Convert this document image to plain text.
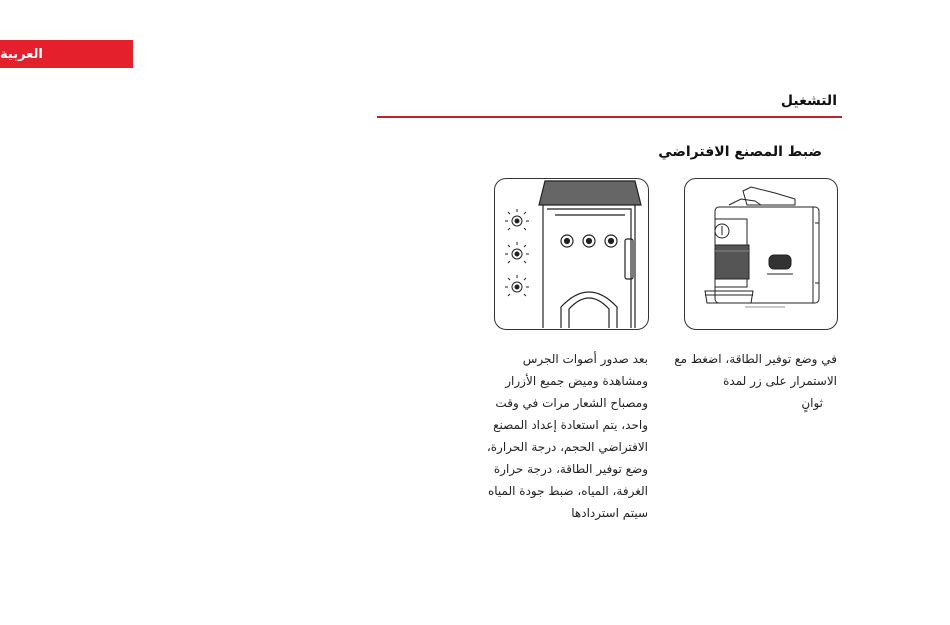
العربية
التشغيل
ضبط المصنع الافتراضي
في وضع توفير الطاقة، اضغط مع
الاستمرار على زر لمدة
ثوانٍ
بعد صدور أصوات الجرس
ومشاهدة وميض جميع الأزرار
ومصباح الشعار مرات في وقت
واحد، يتم استعادة إعداد المصنع
الافتراضي الحجم، درجة الحرارة،
وضع توفير الطاقة، درجة حرارة
الغرفة، المياه، ضبط جودة المياه
سيتم استردادها
